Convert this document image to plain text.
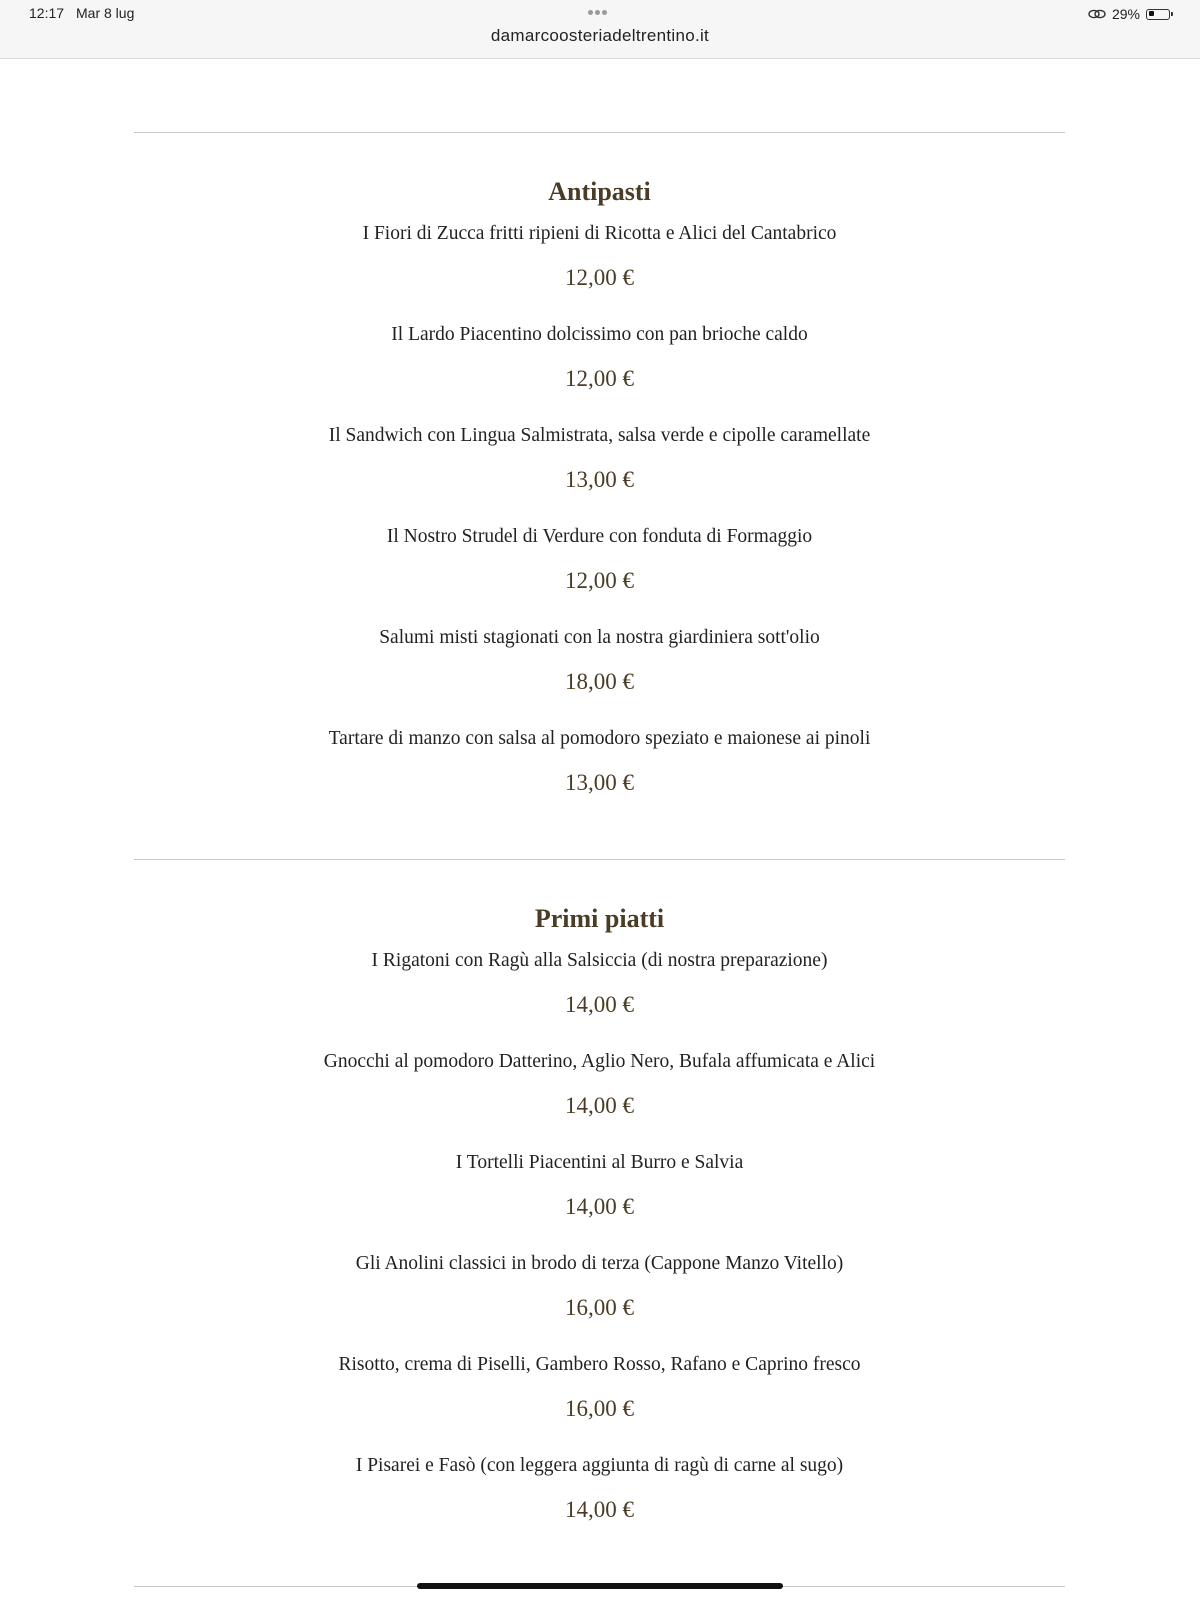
12:17 Mar 8 lug
damarcoosteriadeltrentino.it
29%
Antipasti
I Fiori di Zucca fritti ripieni di Ricotta e Alici del Cantabrico
12,00 €
Il Lardo Piacentino dolcissimo con pan brioche caldo
12,00 €
Il Sandwich con Lingua Salmistrata, salsa verde e cipolle caramellate
13,00 €
Il Nostro Strudel di Verdure con fonduta di Formaggio
12,00 €
Salumi misti stagionati con la nostra giardiniera sott'olio
18,00 €
Tartare di manzo con salsa al pomodoro speziato e maionese ai pinoli
13,00 €
Primi piatti
I Rigatoni con Ragù alla Salsiccia (di nostra preparazione)
14,00 €
Gnocchi al pomodoro Datterino, Aglio Nero, Bufala affumicata e Alici
14,00 €
I Tortelli Piacentini al Burro e Salvia
14,00 €
Gli Anolini classici in brodo di terza (Cappone Manzo Vitello)
16,00 €
Risotto, crema di Piselli, Gambero Rosso, Rafano e Caprino fresco
16,00 €
I Pisarei e Fasò (con leggera aggiunta di ragù di carne al sugo)
14,00 €
